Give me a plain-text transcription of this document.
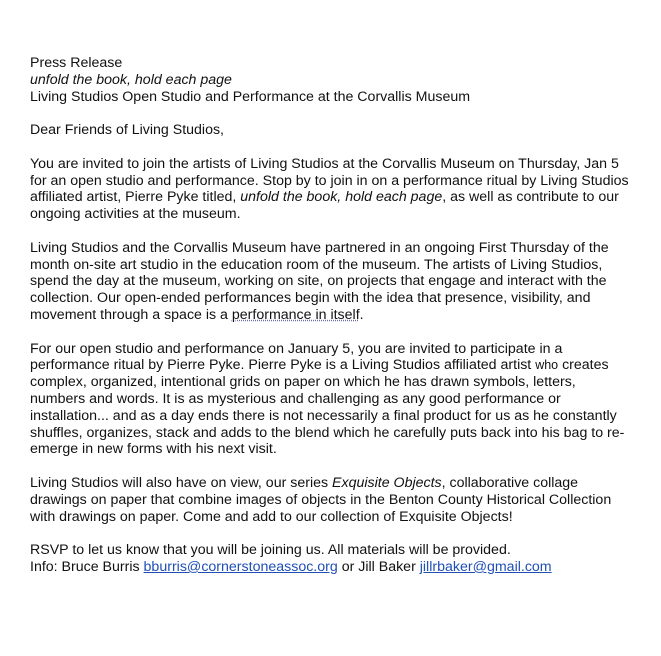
Press Release

unfold the book, hold each page

Living Studios Open Studio and Performance at the Corvallis Museum

Dear Friends of Living Studios,

You are invited to join the artists of Living Studios at the Corvallis Museum on Thursday, Jan 5

for an open studio and performance. Stop by to join in on a performance ritual by Living Studios

affiliated artist, Pierre Pyke titled, unfold the book, hold each page, as well as contribute to our

ongoing activities at the museum.

Living Studios and the Corvallis Museum have partnered in an ongoing First Thursday of the

month on-site art studio in the education room of the museum. The artists of Living Studios,

spend the day at the museum, working on site, on projects that engage and interact with the

collection. Our open-ended performances begin with the idea that presence, visibility, and

movement through a space is a performance in itself.

For our open studio and performance on January 5, you are invited to participate in a

performance ritual by Pierre Pyke. Pierre Pyke is a Living Studios affiliated artist who creates

complex, organized, intentional grids on paper on which he has drawn symbols, letters,

numbers and words. It is as mysterious and challenging as any good performance or

installation... and as a day ends there is not necessarily a final product for us as he constantly

shuffles, organizes, stack and adds to the blend which he carefully puts back into his bag to re-

emerge in new forms with his next visit.

Living Studios will also have on view, our series Exquisite Objects, collaborative collage

drawings on paper that combine images of objects in the Benton County Historical Collection

with drawings on paper. Come and add to our collection of Exquisite Objects!

RSVP to let us know that you will be joining us. All materials will be provided.

Info: Bruce Burris bburris@cornerstoneassoc.org or Jill Baker jillrbaker@gmail.com
